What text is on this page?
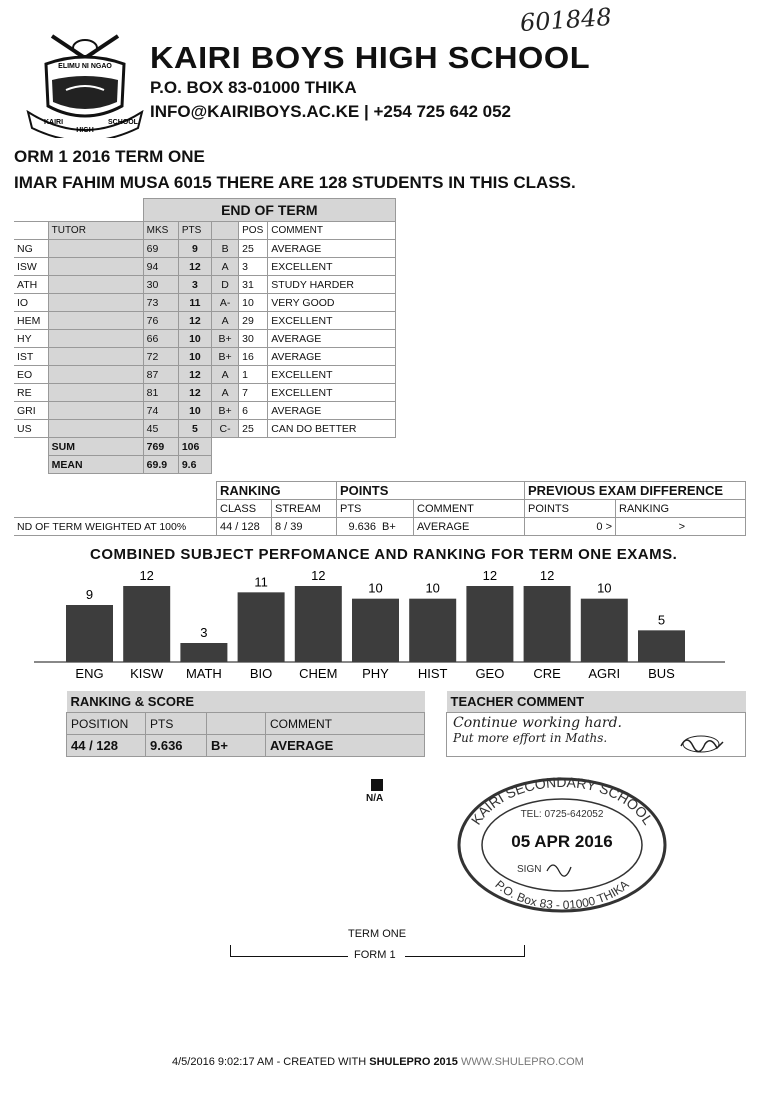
601848
ELIMU NI NGAO
KAIRI
HIGH
SCHOOL
KAIRI BOYS HIGH SCHOOL
P.O. BOX 83-01000 THIKA
INFO@KAIRIBOYS.AC.KE | +254 725 642 052
ORM 1 2016 TERM ONE
IMAR FAHIM MUSA 6015 THERE ARE 128 STUDENTS IN THIS CLASS.
		END OF TERM				
	TUTOR	MKS	PTS		POS	COMMENT
NG		69	9	B	25	AVERAGE
ISW		94	12	A	3	EXCELLENT
ATH		30	3	D	31	STUDY HARDER
IO		73	11	A-	10	VERY GOOD
HEM		76	12	A	29	EXCELLENT
HY		66	10	B+	30	AVERAGE
IST		72	10	B+	16	AVERAGE
EO		87	12	A	1	EXCELLENT
RE		81	12	A	7	EXCELLENT
GRI		74	10	B+	6	AVERAGE
US		45	5	C-	25	CAN DO BETTER
	SUM	769	106			
	MEAN	69.9	9.6			
	RANKING		POINTS			PREVIOUS EXAM DIFFERENCE	
	CLASS	STREAM	PTS		COMMENT	POINTS	RANKING
ND OF TERM WEIGHTED AT 100%	44 / 128	8 / 39	9.636	B+	AVERAGE	0 >	>
COMBINED SUBJECT PERFOMANCE AND RANKING FOR TERM ONE EXAMS.
9
ENG
12
KISW
3
MATH
11
BIO
12
CHEM
10
PHY
10
HIST
12
GEO
12
CRE
10
AGRI
5
BUS
RANKING & SCORE					TEACHER COMMENT
POSITION	PTS		COMMENT		Continue working hard.
Put more effort in Maths.

44 / 128	9.636	B+	AVERAGE		
N/A
KAIRI SECONDARY SCHOOL
P.O. Box 83 - 01000 THIKA
TEL: 0725-642052
05 APR 2016
SIGN
TERM ONE
FORM 1
4/5/2016 9:02:17 AM - CREATED WITH SHULEPRO 2015 WWW.SHULEPRO.COM
